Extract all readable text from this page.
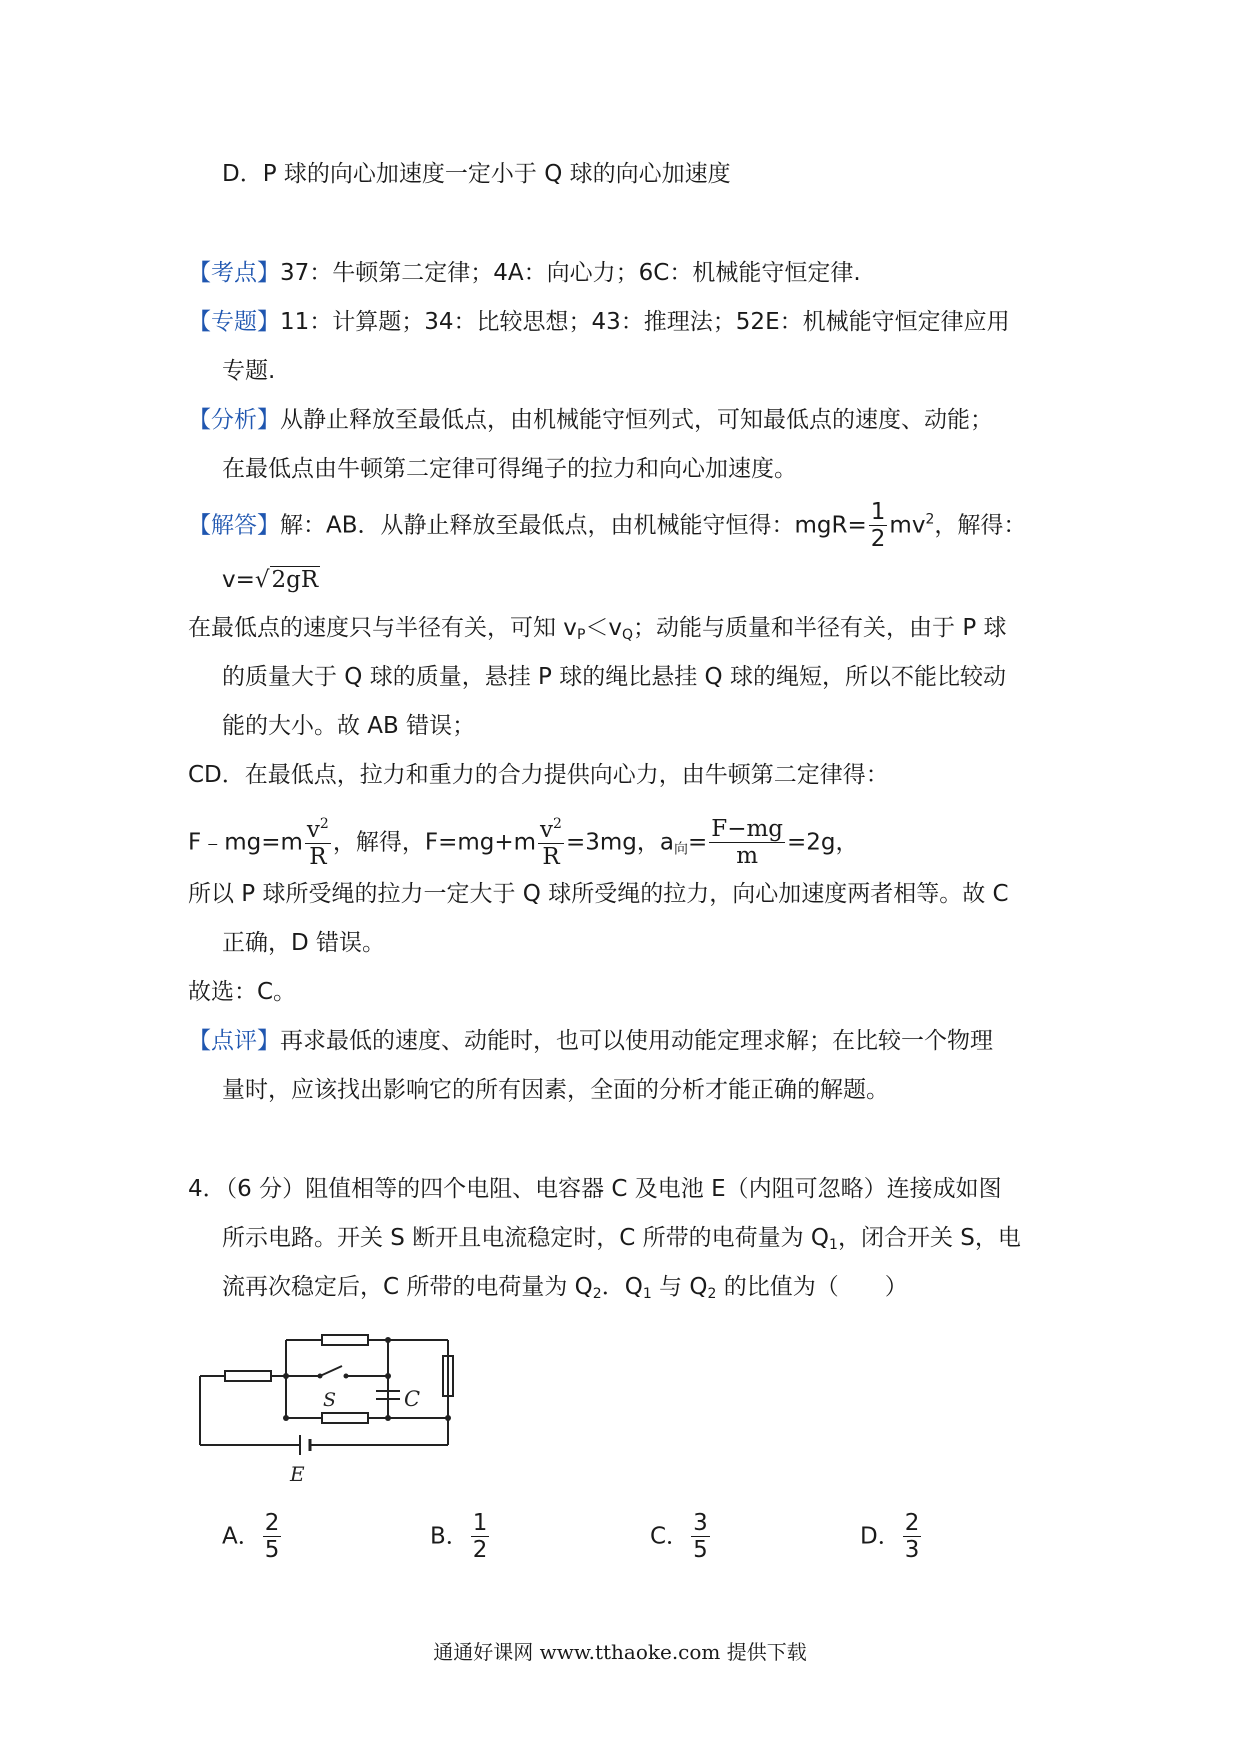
D．P 球的向心加速度一定小于 Q 球的向心加速度
【考点】37：牛顿第二定律；4A：向心力；6C：机械能守恒定律.
【专题】11：计算题；34：比较思想；43：推理法；52E：机械能守恒定律应用
专题.
【分析】从静止释放至最低点，由机械能守恒列式，可知最低点的速度、动能；
在最低点由牛顿第二定律可得绳子的拉力和向心加速度。
【解答】解：AB．从静止释放至最低点，由机械能守恒得：$mgR= \frac{1}{2} mv^2$，解得：
v=√2gR
在最低点的速度只与半径有关，可知 $v_P<v_Q$；动能与质量和半径有关，由于 P 球
的质量大于 Q 球的质量，悬挂 P 球的绳比悬挂 Q 球的绳短，所以不能比较动
能的大小。故 AB 错误；
CD．在最低点，拉力和重力的合力提供向心力，由牛顿第二定律得：
F﹣mg=m $\frac{v^2}{R}$ ，解得，$F=mg+m \frac{v^2}{R} =3mg$，$a_向= \frac{F-mg}{m} =2g$，
所以 P 球所受绳的拉力一定大于 Q 球所受绳的拉力，向心加速度两者相等。故 C
正确，D 错误。
故选：C。
【点评】再求最低的速度、动能时，也可以使用动能定理求解；在比较一个物理
量时，应该找出影响它的所有因素，全面的分析才能正确的解题。
4．（6 分）阻值相等的四个电阻、电容器 C 及电池 E（内阻可忽略）连接成如图
所示电路。开关 S 断开且电流稳定时，C 所带的电荷量为 $Q_1$，闭合开关 S，电
流再次稳定后，C 所带的电荷量为 $Q_2$．$Q_1$ 与 $Q_2$ 的比值为（　　）
S	C
E
A． $\frac{2}{5}$	B． $\frac{1}{2}$	C． $\frac{3}{5}$	D． $\frac{2}{3}$
通通好课网 www.tthaoke.com 提供下载
